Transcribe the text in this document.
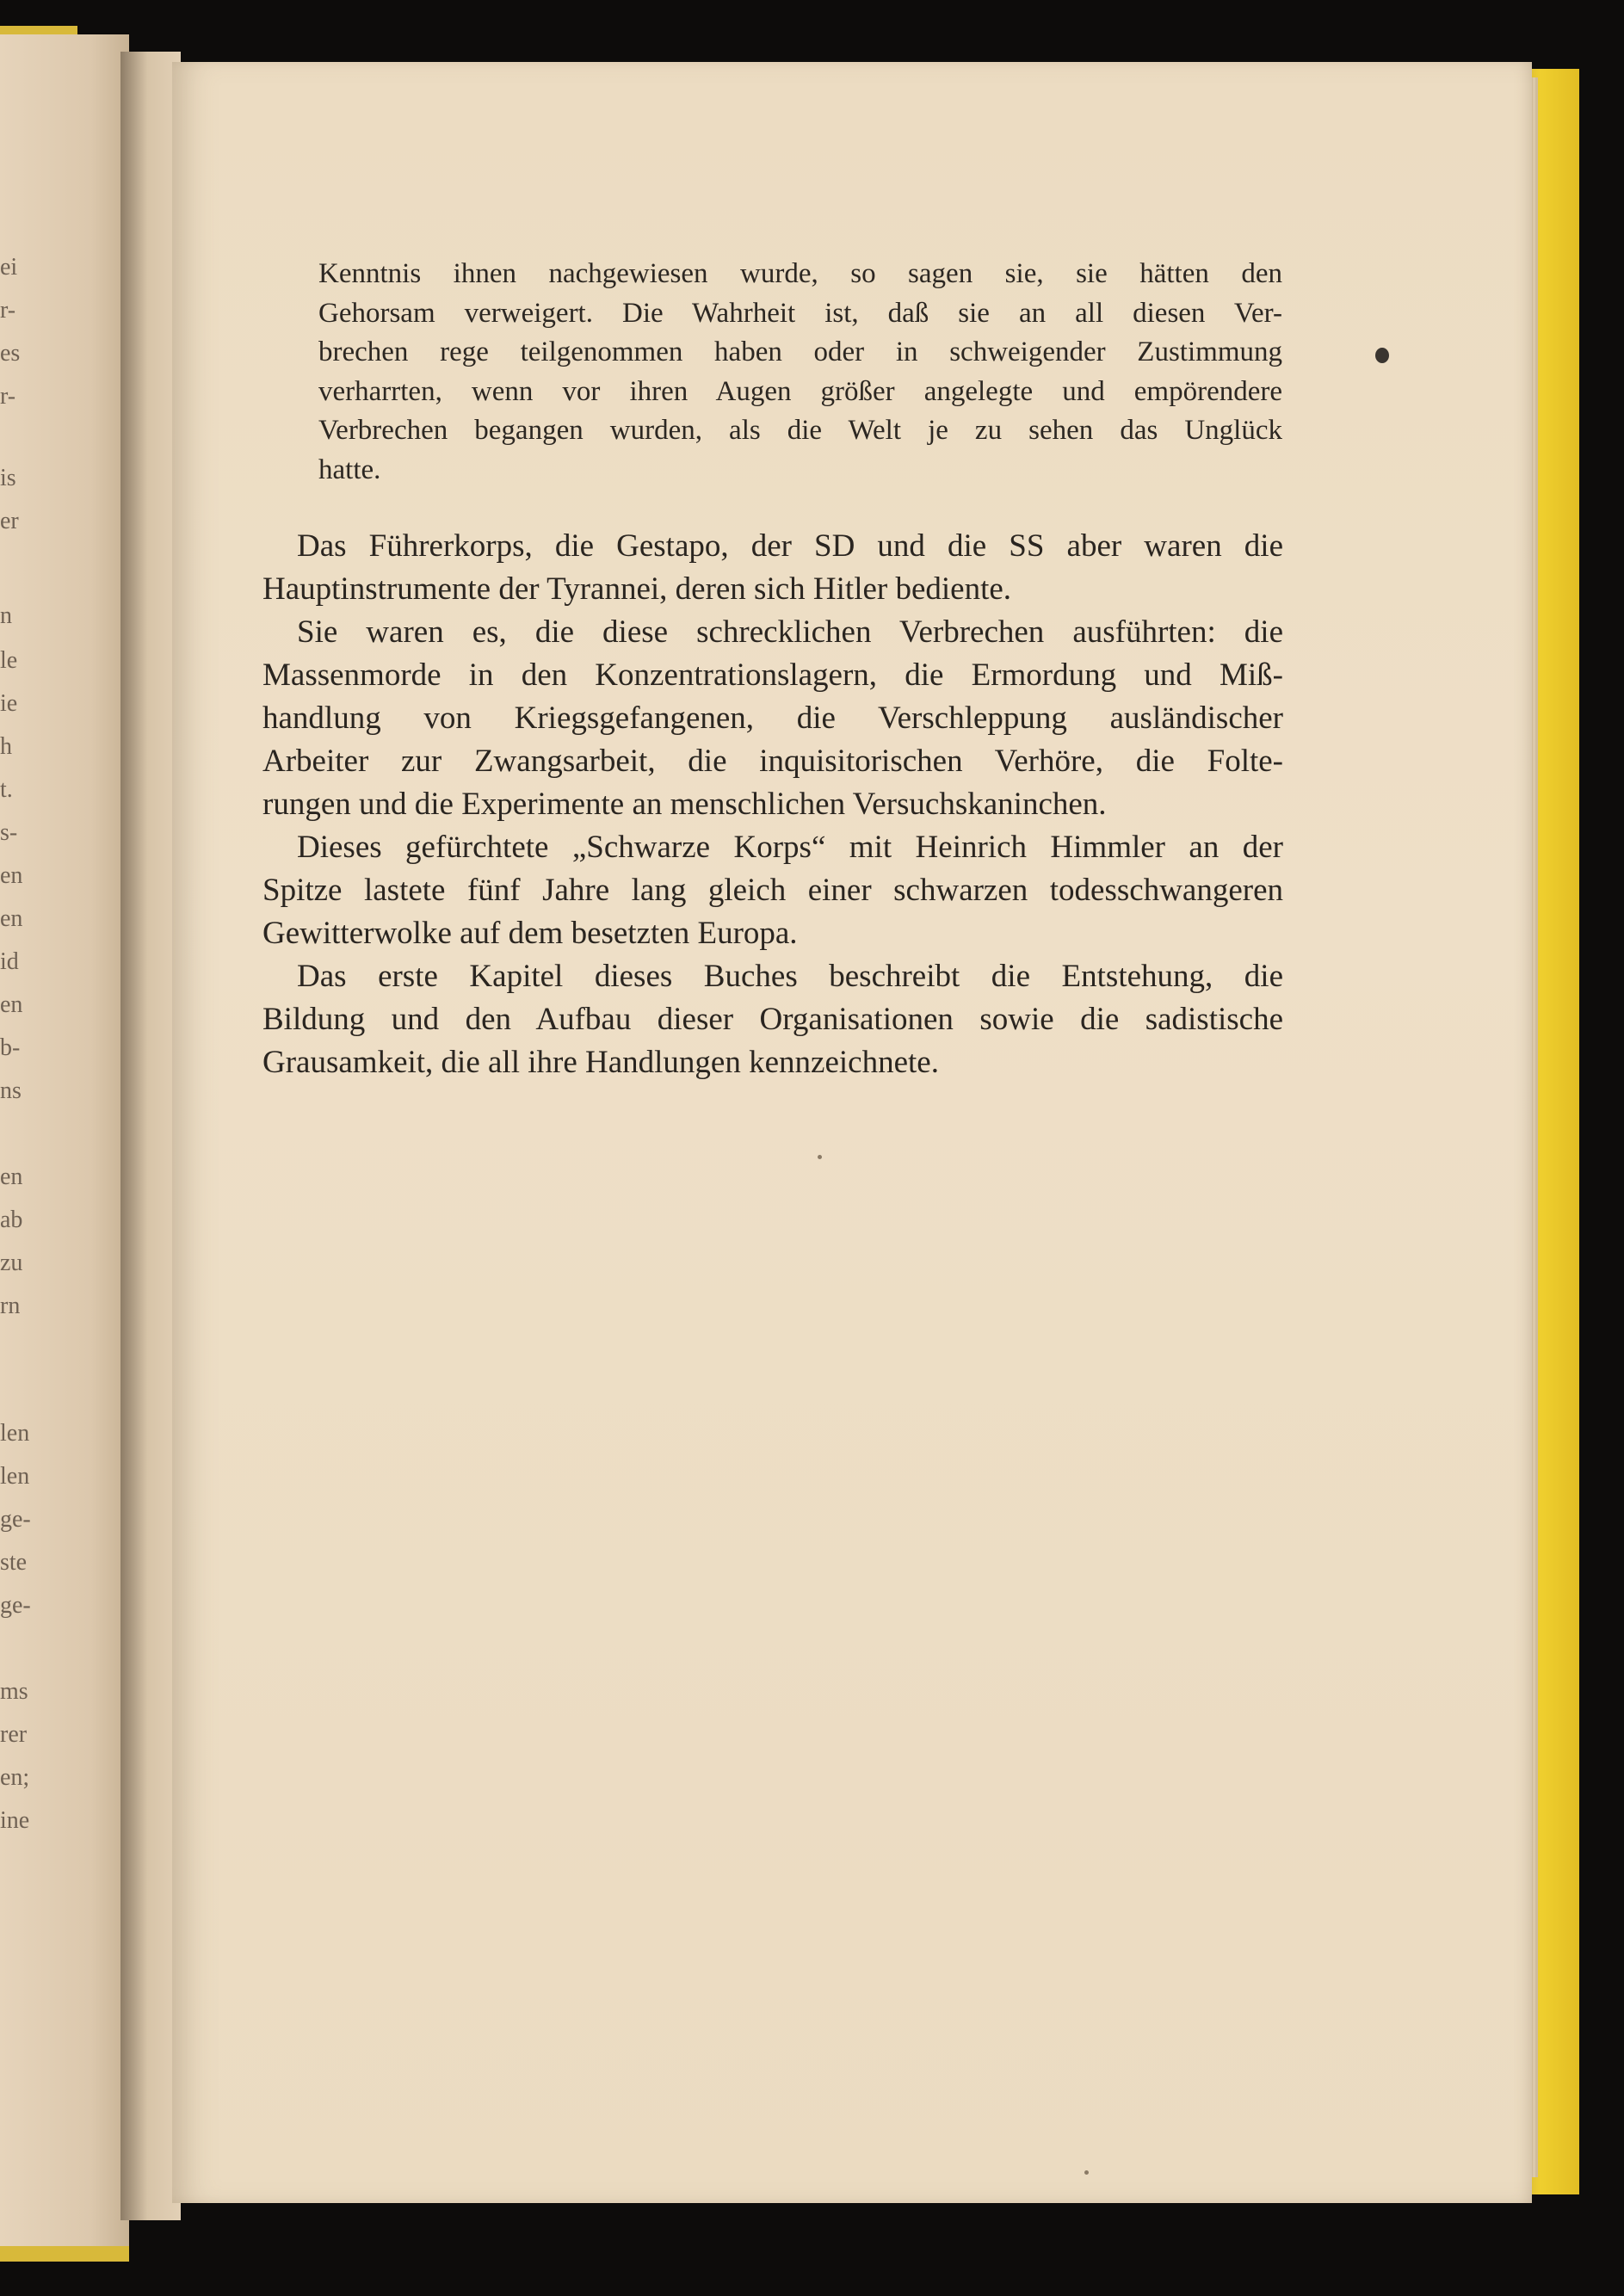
ei
r-
es
r-
is
er
n
le
ie
h
t.
s-
en
en
id
en
b-
ns
en
ab
zu
rn
len
len
ge-
ste
ge-
ms
rer
en;
ine
Kenntnis ihnen nachgewiesen wurde, so sagen sie, sie hätten den
Gehorsam verweigert. Die Wahrheit ist, daß sie an all diesen Ver-
brechen rege teilgenommen haben oder in schweigender Zustimmung
verharrten, wenn vor ihren Augen größer angelegte und empörendere
Verbrechen begangen wurden, als die Welt je zu sehen das Unglück
hatte.
Das Führerkorps, die Gestapo, der SD und die SS aber waren die
Hauptinstrumente der Tyrannei, deren sich Hitler bediente.
Sie waren es, die diese schrecklichen Verbrechen ausführten: die
Massenmorde in den Konzentrationslagern, die Ermordung und Miß-
handlung von Kriegsgefangenen, die Verschleppung ausländischer
Arbeiter zur Zwangsarbeit, die inquisitorischen Verhöre, die Folte-
rungen und die Experimente an menschlichen Versuchskaninchen.
Dieses gefürchtete „Schwarze Korps“ mit Heinrich Himmler an der
Spitze lastete fünf Jahre lang gleich einer schwarzen todesschwangeren
Gewitterwolke auf dem besetzten Europa.
Das erste Kapitel dieses Buches beschreibt die Entstehung, die
Bildung und den Aufbau dieser Organisationen sowie die sadistische
Grausamkeit, die all ihre Handlungen kennzeichnete.
